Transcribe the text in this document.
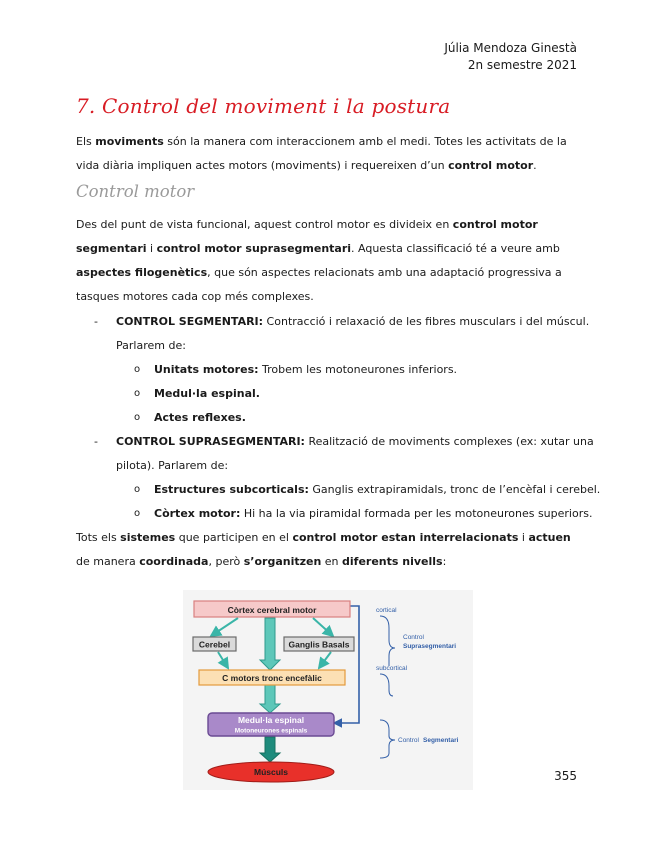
Júlia Mendoza Ginestà
2n semestre 2021
7. Control del moviment i la postura

Els moviments són la manera com interaccionem amb el medi. Totes les activitats de la vida diària impliquen actes motors (moviments) i requereixen d’un control motor.

Control motor

Des del punt de vista funcional, aquest control motor es divideix en control motor segmentari i control motor suprasegmentari. Aquesta classificació té a veure amb aspectes filogenètics, que són aspectes relacionats amb una adaptació progressiva a tasques motores cada cop més complexes.

- CONTROL SEGMENTARI: Contracció i relaxació de les fibres musculars i del múscul.
Parlarem de:
o Unitats motores: Trobem les motoneurones inferiors.
o Medul·la espinal.
o Actes reflexes.
- CONTROL SUPRASEGMENTARI: Realització de moviments complexes (ex: xutar una
pilota). Parlarem de:
o Estructures subcorticals: Ganglis extrapiramidals, tronc de l’encèfal i cerebel.
o Còrtex motor: Hi ha la via piramidal formada per les motoneurones superiors.

Tots els sistemes que participen en el control motor estan interrelacionats i actuen de manera coordinada, però s’organitzen en diferents nivells:

Còrtex cerebral motor
Cerebel	Ganglis Basals
C motors tronc encefàlic
Medul·la espinal
Motoneurones espinals
Músculs
cortical
subcortical
Control
Suprasegmentari
Control Segmentari
355
